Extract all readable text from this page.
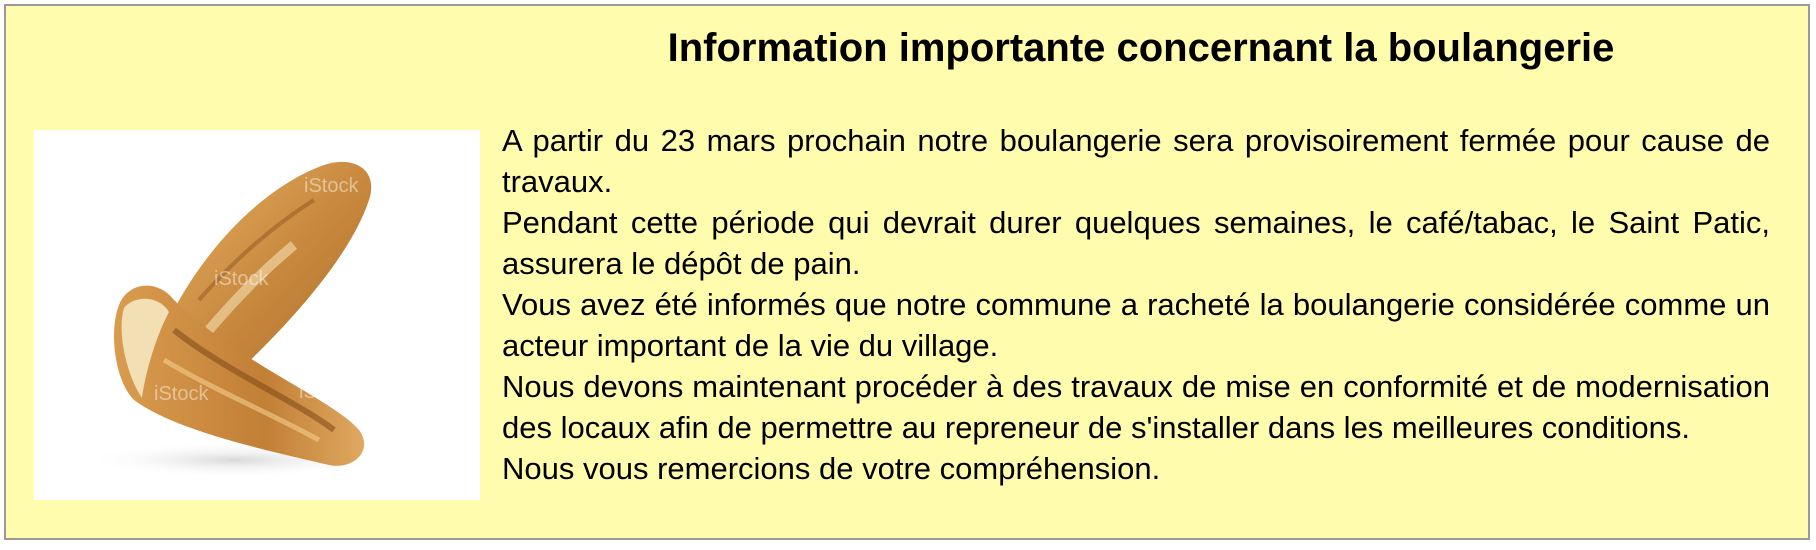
Information importante concernant la boulangerie
iStock
iStock
iStock	iStock

A partir du 23 mars prochain notre boulangerie sera provisoirement fermée pour cause de travaux.

Pendant cette période qui devrait durer quelques semaines, le café/tabac, le Saint Patic, assurera le dépôt de pain.

Vous avez été informés que notre commune a racheté la boulangerie considérée comme un acteur important de la vie du village.

Nous devons maintenant procéder à des travaux de mise en conformité et de modernisation des locaux afin de permettre au repreneur de s'installer dans les meilleures conditions.

Nous vous remercions de votre compréhension.
